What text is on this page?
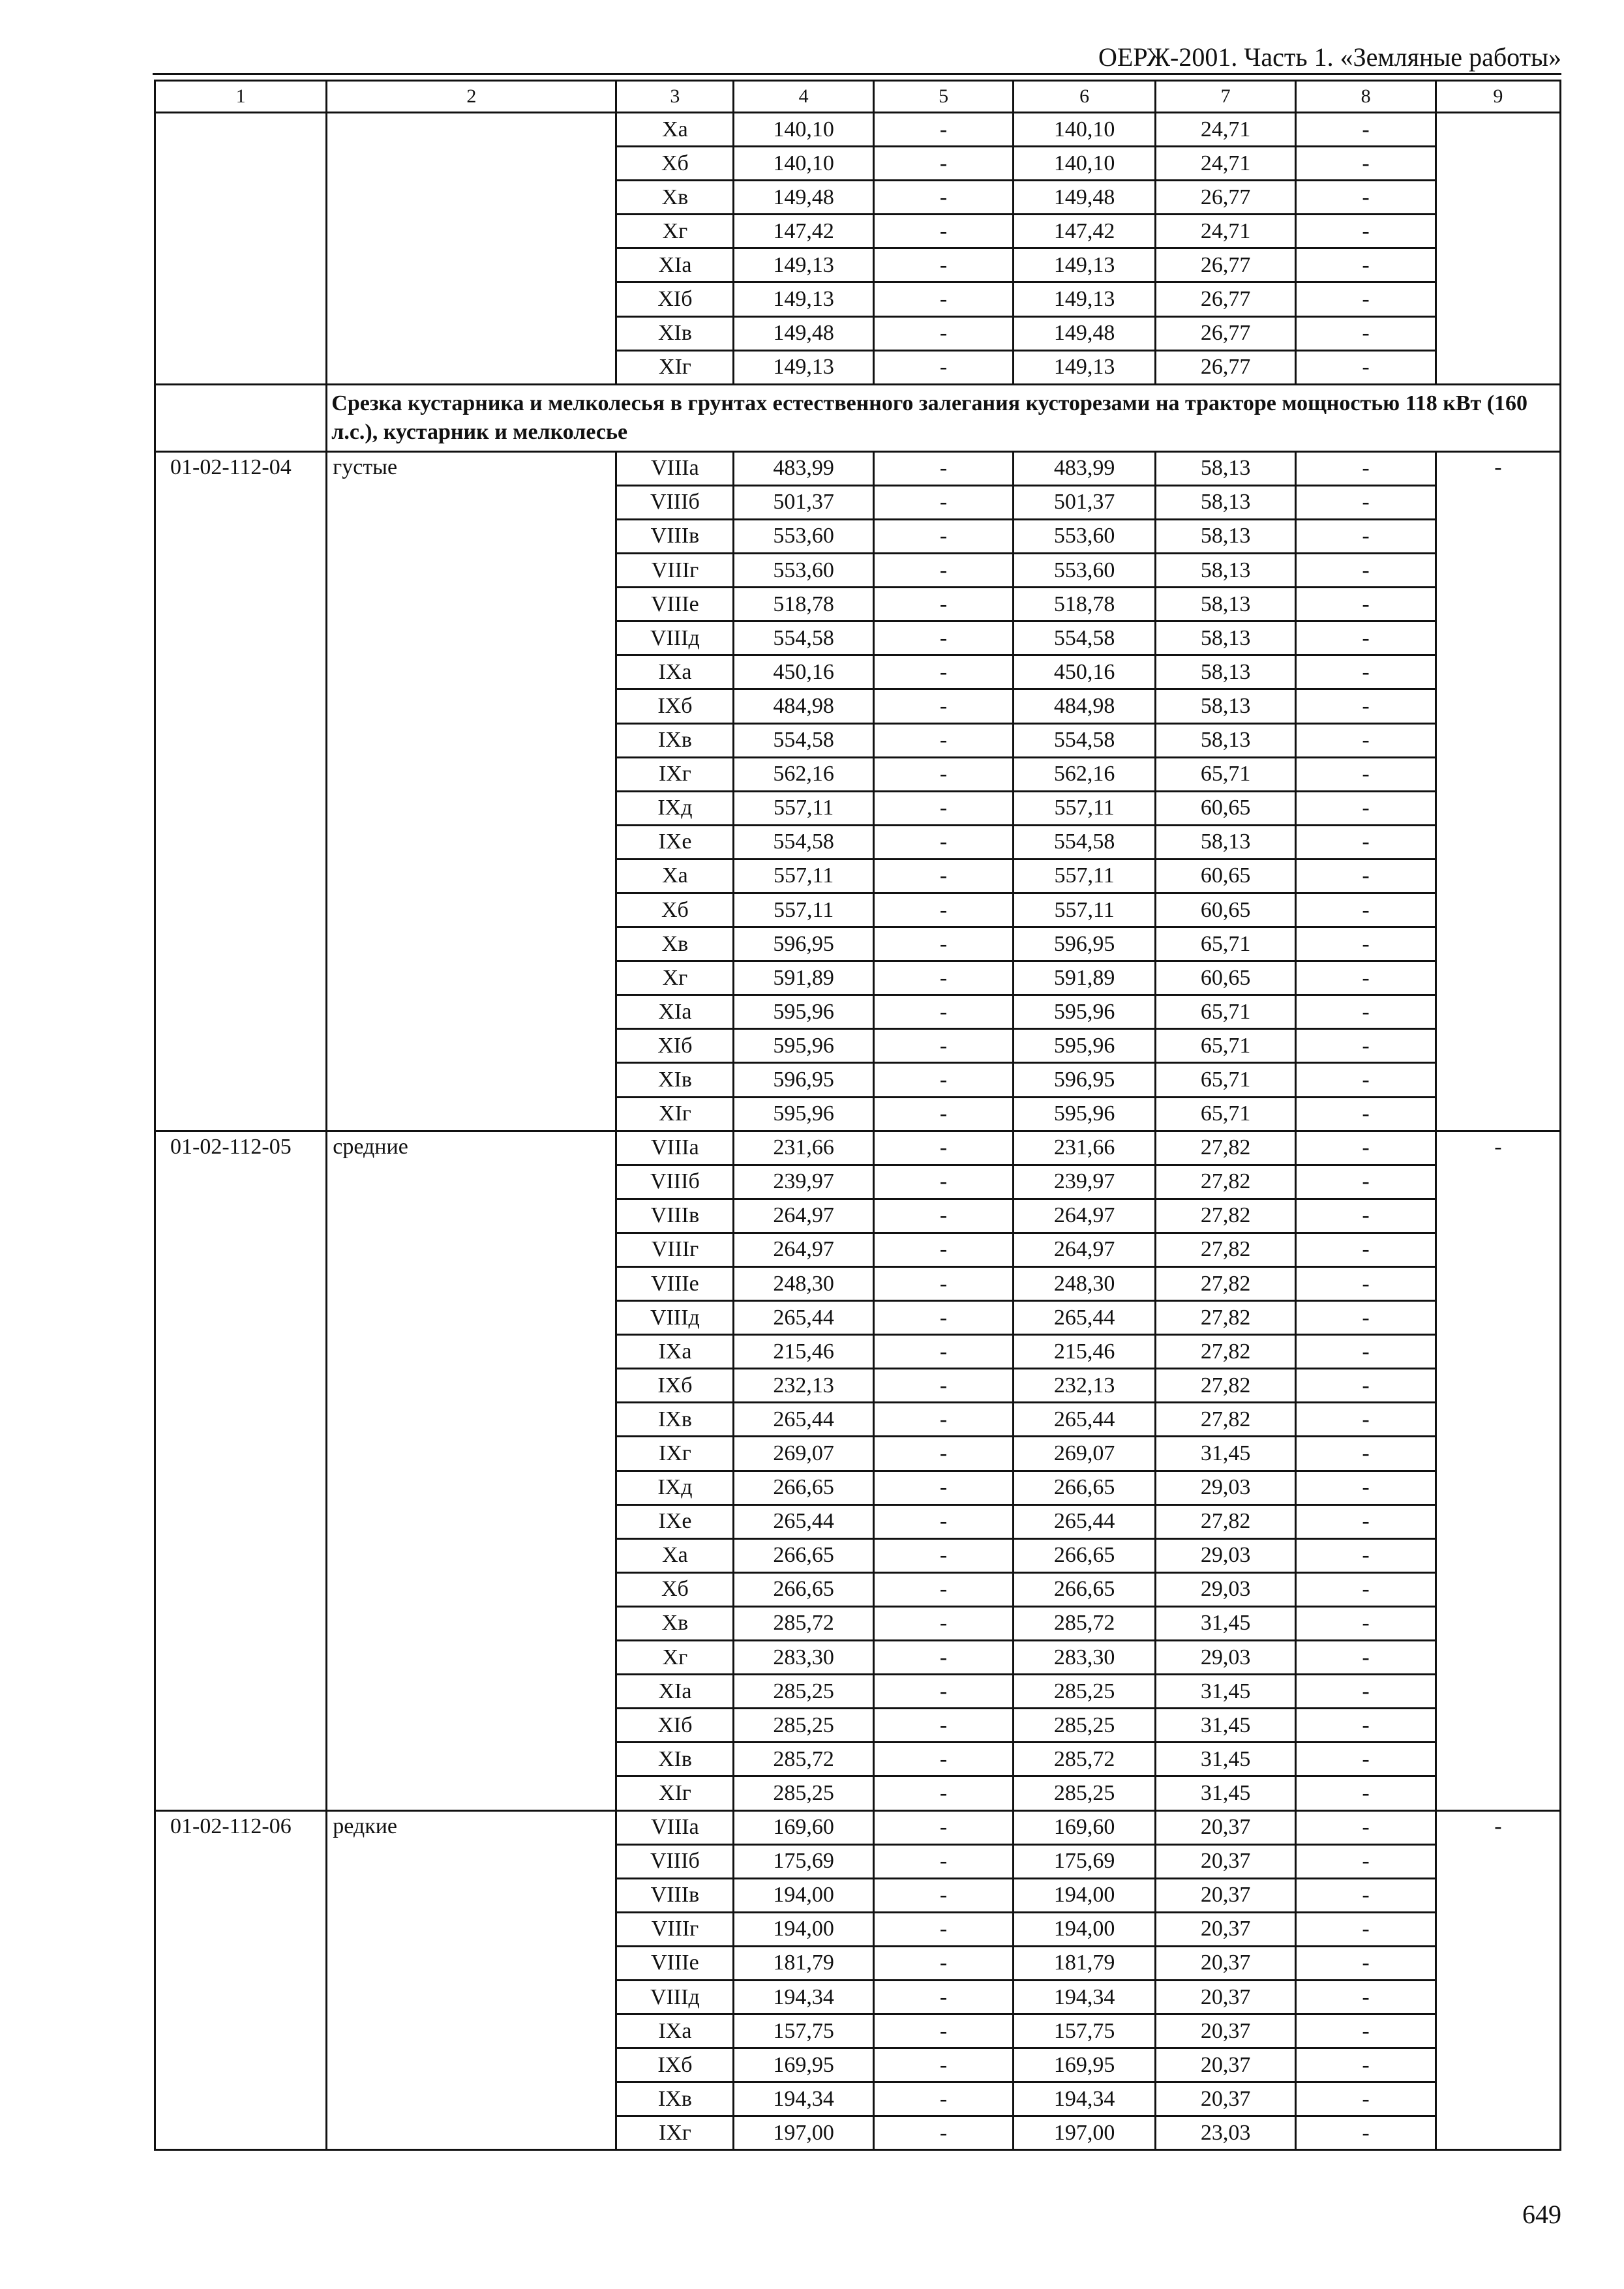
ОЕРЖ-2001. Часть 1. «Земляные работы»
1	2	3	4	5	6	7	8	9
		Xa	140,10	-	140,10	24,71	-	
		Xб	140,10	-	140,10	24,71	-	
		Xв	149,48	-	149,48	26,77	-	
		Xг	147,42	-	147,42	24,71	-	
		XIa	149,13	-	149,13	26,77	-	
		XIб	149,13	-	149,13	26,77	-	
		XIв	149,48	-	149,48	26,77	-	
		XIг	149,13	-	149,13	26,77	-	
	Срезка кустарника и мелколесья в грунтах естественного залегания кусторезами на тракторе мощностью 118 кВт (160 л.с.), кустарник и мелколесье							
01-02-112-04	густые	VIIIa	483,99	-	483,99	58,13	-	-
		VIIIб	501,37	-	501,37	58,13	-	
		VIIIв	553,60	-	553,60	58,13	-	
		VIIIг	553,60	-	553,60	58,13	-	
		VIIIe	518,78	-	518,78	58,13	-	
		VIIIд	554,58	-	554,58	58,13	-	
		IXa	450,16	-	450,16	58,13	-	
		IXб	484,98	-	484,98	58,13	-	
		IXв	554,58	-	554,58	58,13	-	
		IXг	562,16	-	562,16	65,71	-	
		IXд	557,11	-	557,11	60,65	-	
		IXe	554,58	-	554,58	58,13	-	
		Xa	557,11	-	557,11	60,65	-	
		Xб	557,11	-	557,11	60,65	-	
		Xв	596,95	-	596,95	65,71	-	
		Xг	591,89	-	591,89	60,65	-	
		XIa	595,96	-	595,96	65,71	-	
		XIб	595,96	-	595,96	65,71	-	
		XIв	596,95	-	596,95	65,71	-	
		XIг	595,96	-	595,96	65,71	-	
01-02-112-05	средние	VIIIa	231,66	-	231,66	27,82	-	-
		VIIIб	239,97	-	239,97	27,82	-	
		VIIIв	264,97	-	264,97	27,82	-	
		VIIIг	264,97	-	264,97	27,82	-	
		VIIIe	248,30	-	248,30	27,82	-	
		VIIIд	265,44	-	265,44	27,82	-	
		IXa	215,46	-	215,46	27,82	-	
		IXб	232,13	-	232,13	27,82	-	
		IXв	265,44	-	265,44	27,82	-	
		IXг	269,07	-	269,07	31,45	-	
		IXд	266,65	-	266,65	29,03	-	
		IXe	265,44	-	265,44	27,82	-	
		Xa	266,65	-	266,65	29,03	-	
		Xб	266,65	-	266,65	29,03	-	
		Xв	285,72	-	285,72	31,45	-	
		Xг	283,30	-	283,30	29,03	-	
		XIa	285,25	-	285,25	31,45	-	
		XIб	285,25	-	285,25	31,45	-	
		XIв	285,72	-	285,72	31,45	-	
		XIг	285,25	-	285,25	31,45	-	
01-02-112-06	редкие	VIIIa	169,60	-	169,60	20,37	-	-
		VIIIб	175,69	-	175,69	20,37	-	
		VIIIв	194,00	-	194,00	20,37	-	
		VIIIг	194,00	-	194,00	20,37	-	
		VIIIe	181,79	-	181,79	20,37	-	
		VIIIд	194,34	-	194,34	20,37	-	
		IXa	157,75	-	157,75	20,37	-	
		IXб	169,95	-	169,95	20,37	-	
		IXв	194,34	-	194,34	20,37	-	
		IXг	197,00	-	197,00	23,03	-	
649
